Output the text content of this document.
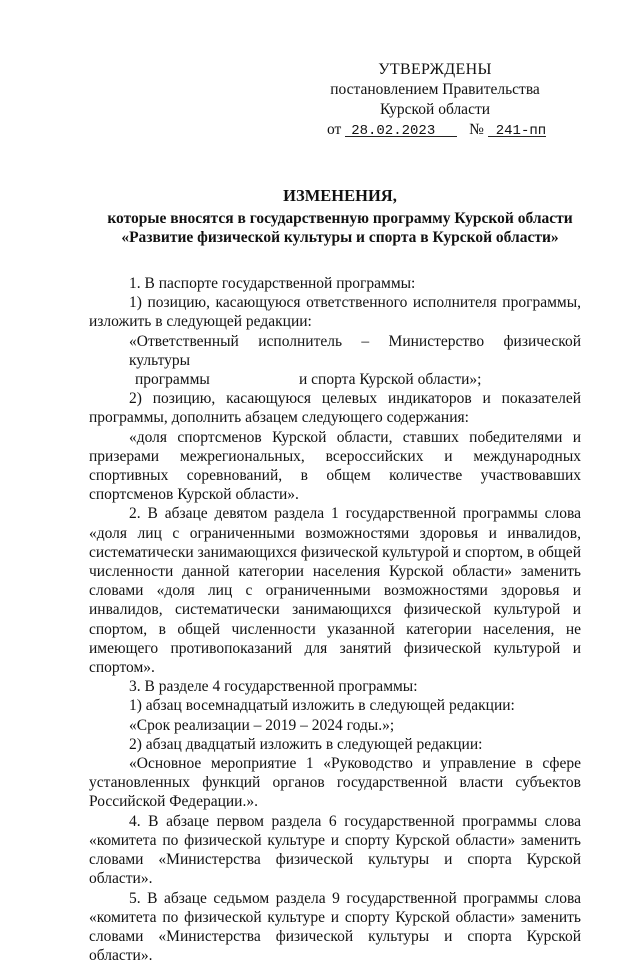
УТВЕРЖДЕНЫ
постановлением Правительства
Курской области
от 28.02.2023 № 241-пп
ИЗМЕНЕНИЯ,
которые вносятся в государственную программу Курской области
«Развитие физической культуры и спорта в Курской области»

1. В паспорте государственной программы:

1) позицию, касающуюся ответственного исполнителя программы, изложить в следующей редакции:

«Ответственный исполнитель – Министерство физической культуры

программы	и спорта Курской области»;

2) позицию, касающуюся целевых индикаторов и показателей программы, дополнить абзацем следующего содержания:

«доля спортсменов Курской области, ставших победителями и призерами межрегиональных, всероссийских и международных спортивных соревнований, в общем количестве участвовавших спортсменов Курской области».

2. В абзаце девятом раздела 1 государственной программы слова «доля лиц с ограниченными возможностями здоровья и инвалидов, систематически занимающихся физической культурой и спортом, в общей численности данной категории населения Курской области» заменить словами «доля лиц с ограниченными возможностями здоровья и инвалидов, систематически занимающихся физической культурой и спортом, в общей численности указанной категории населения, не имеющего противопоказаний для занятий физической культурой и спортом».

3. В разделе 4 государственной программы:

1) абзац восемнадцатый изложить в следующей редакции:

«Срок реализации – 2019 – 2024 годы.»;

2) абзац двадцатый изложить в следующей редакции:

«Основное мероприятие 1 «Руководство и управление в сфере установленных функций органов государственной власти субъектов Российской Федерации.».

4. В абзаце первом раздела 6 государственной программы слова «комитета по физической культуре и спорту Курской области» заменить словами «Министерства физической культуры и спорта Курской области».

5. В абзаце седьмом раздела 9 государственной программы слова «комитета по физической культуре и спорту Курской области» заменить словами «Министерства физической культуры и спорта Курской области».
